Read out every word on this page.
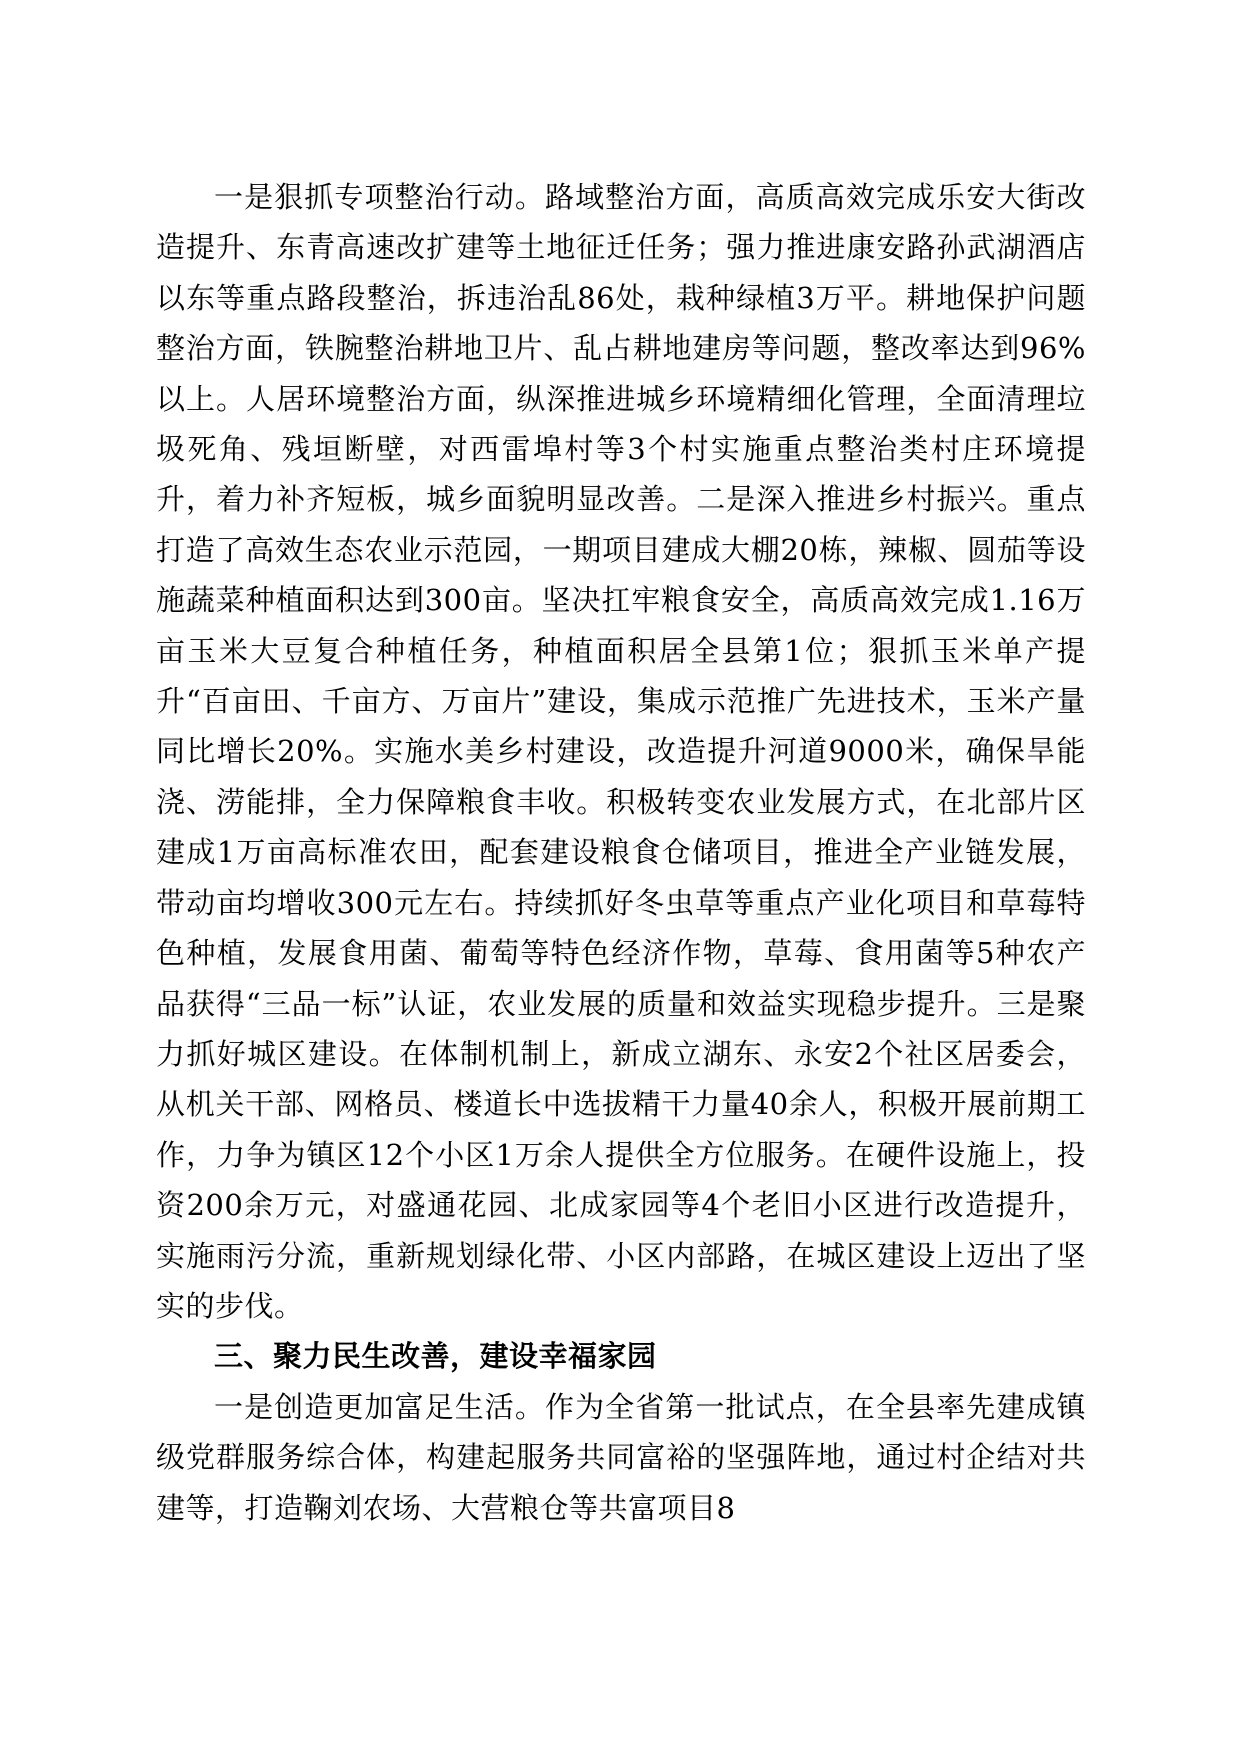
一是狠抓专项整治行动。路域整治方面，高质高效完成乐安大街改造提升、东青高速改扩建等土地征迁任务；强力推进康安路孙武湖酒店以东等重点路段整治，拆违治乱86处，栽种绿植3万平。耕地保护问题整治方面，铁腕整治耕地卫片、乱占耕地建房等问题，整改率达到96%以上。人居环境整治方面，纵深推进城乡环境精细化管理，全面清理垃圾死角、残垣断壁，对西雷埠村等3个村实施重点整治类村庄环境提升，着力补齐短板，城乡面貌明显改善。二是深入推进乡村振兴。重点打造了高效生态农业示范园，一期项目建成大棚20栋，辣椒、圆茄等设施蔬菜种植面积达到300亩。坚决扛牢粮食安全，高质高效完成1.16万亩玉米大豆复合种植任务，种植面积居全县第1位；狠抓玉米单产提升“百亩田、千亩方、万亩片”建设，集成示范推广先进技术，玉米产量同比增长20%。实施水美乡村建设，改造提升河道9000米，确保旱能浇、涝能排，全力保障粮食丰收。积极转变农业发展方式，在北部片区建成1万亩高标准农田，配套建设粮食仓储项目，推进全产业链发展，带动亩均增收300元左右。持续抓好冬虫草等重点产业化项目和草莓特色种植，发展食用菌、葡萄等特色经济作物，草莓、食用菌等5种农产品获得“三品一标”认证，农业发展的质量和效益实现稳步提升。三是聚力抓好城区建设。在体制机制上，新成立湖东、永安2个社区居委会，从机关干部、网格员、楼道长中选拔精干力量40余人，积极开展前期工作，力争为镇区12个小区1万余人提供全方位服务。在硬件设施上，投资200余万元，对盛通花园、北成家园等4个老旧小区进行改造提升，实施雨污分流，重新规划绿化带、小区内部路，在城区建设上迈出了坚实的步伐。

三、聚力民生改善，建设幸福家园

一是创造更加富足生活。作为全省第一批试点，在全县率先建成镇级党群服务综合体，构建起服务共同富裕的坚强阵地，通过村企结对共建等，打造鞠刘农场、大营粮仓等共富项目8
